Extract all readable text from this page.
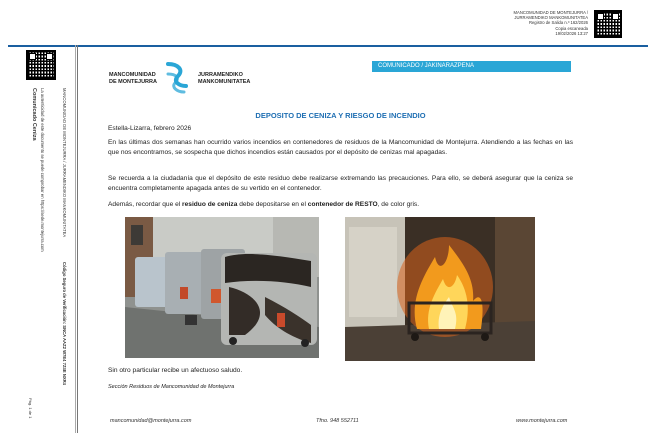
MANCOMUNIDAD DE MONTEJURRA /
JURRAMENDIKO MANKOMUNITATEA
Registro de Salida n.º 162/2026
Copia escaneada
19/02/2026 13:27
Comunicado Ceniza La autenticidad de este documento se puede comprobar en https://sede.montejurra.com	MANCOMUNIDAD DE MONTEJURRA / JURRAMENDIKO MANKOMUNITATEA
Código Seguro de Verificación: SNCA AAZ2 W7E4 7Z4E NXR4
Pág. 1 de 1
MANCOMUNIDAD
DE MONTEJURRA
JURRAMENDIKO
MANKOMUNITATEA
COMUNICADO / JAKINARAZPENA
DEPOSITO DE CENIZA Y RIESGO DE INCENDIO
Estella-Lizarra, febrero 2026
En las últimas dos semanas han ocurrido varios incendios en contenedores de residuos de la Mancomunidad de Montejurra. Atendiendo a las fechas en las que nos encontramos, se sospecha que dichos incendios están causados por el depósito de cenizas mal apagadas.
Se recuerda a la ciudadanía que el depósito de este residuo debe realizarse extremando las precauciones. Para ello, se deberá asegurar que la ceniza se encuentra completamente apagada antes de su vertido en el contenedor.
Además, recordar que el residuo de ceniza debe depositarse en el contenedor de RESTO, de color gris.
Sin otro particular recibe un afectuoso saludo.
Sección Residuos de Mancomunidad de Montejurra
mancomunidad@montejurra.com	Tfno. 948 552711	www.montejurra.com
